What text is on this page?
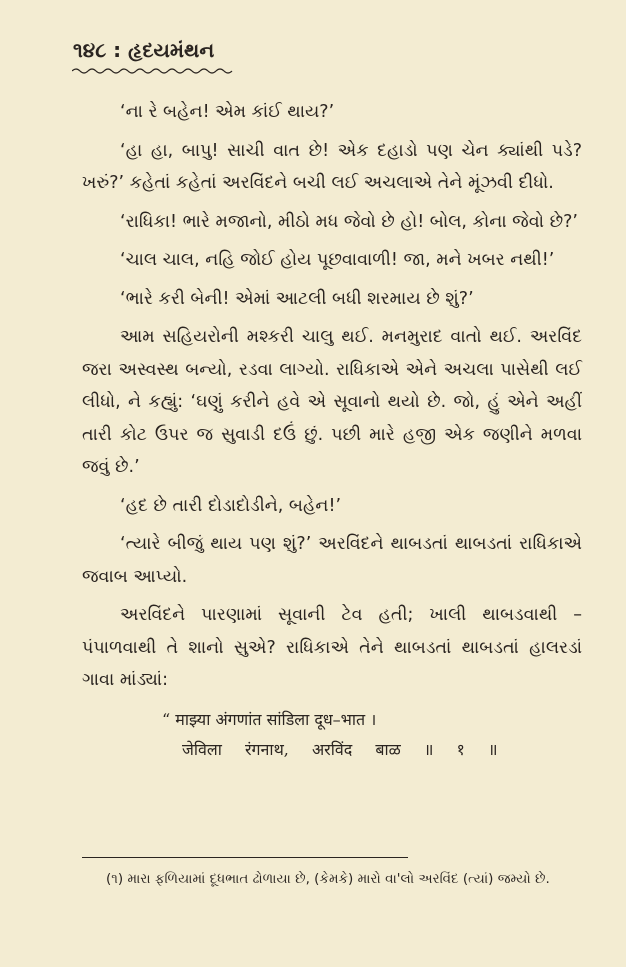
૧૪૮ : હૃદયમંથન

‘ના રે બહેન! એમ કાંઈ થાય?’

‘હા હા, બાપુ! સાચી વાત છે! એક દહાડો પણ ચેન ક્યાંથી પડે? ખરું?’ કહેતાં કહેતાં અરવિંદને બચી લઈ અચલાએ તેને મૂંઝવી દીધો.

‘રાધિકા! ભારે મજાનો, મીઠો મધ જેવો છે હો! બોલ, કોના જેવો છે?’

‘ચાલ ચાલ, નહિ જોઈ હોય પૂછવાવાળી! જા, મને ખબર નથી!’

‘ભારે કરી બેની! એમાં આટલી બધી શરમાય છે શું?’

આમ સહિયરોની મશ્કરી ચાલુ થઈ. મનમુરાદ વાતો થઈ. અરવિંદ જરા અસ્વસ્થ બન્યો, રડવા લાગ્યો. રાધિકાએ એને અચલા પાસેથી લઈ લીધો, ને કહ્યું: ‘ઘણું કરીને હવે એ સૂવાનો થયો છે. જો, હું એને અહીં તારી કોટ ઉપર જ સુવાડી દઉં છું. પછી મારે હજી એક જણીને મળવા જવું છે.’

‘હદ છે તારી દોડાદોડીને, બહેન!’

‘ત્યારે બીજું થાય પણ શું?’ અરવિંદને થાબડતાં થાબડતાં રાધિકાએ જવાબ આપ્યો.

અરવિંદને પારણામાં સૂવાની ટેવ હતી; ખાલી થાબડવાથી – પંપાળવાથી તે શાનો સુએ? રાધિકાએ તેને થાબડતાં થાબડતાં હાલરડાં ગાવા માંડ્યાં:

“ माझ्या अंगणांत सांडिला दूध–भात ।
जेविला रंगनाथ, अरविंद बाळ ॥ १ ॥
(૧) મારા ફળિયામાં દૂધભાત ઢોળાયા છે, (કેમકે) મારો વા'લો અરવિંદ (ત્યાં) જમ્યો છે.
